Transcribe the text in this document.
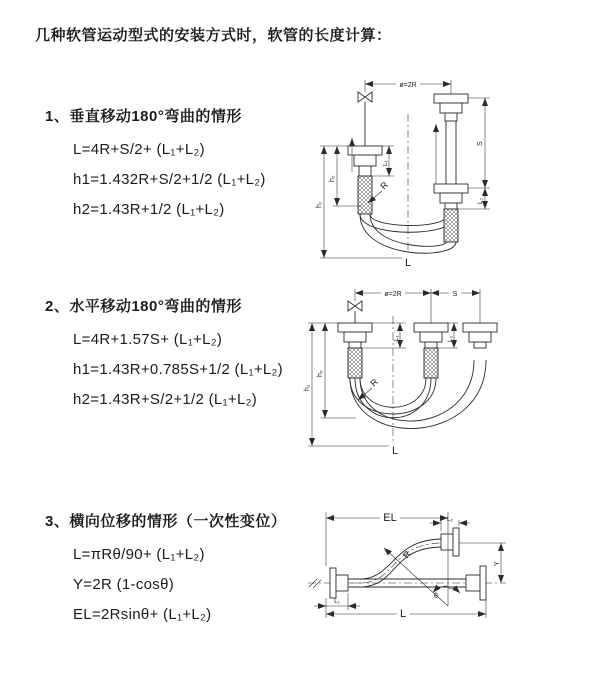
几种软管运动型式的安装方式时，软管的长度计算：

1、垂直移动180°弯曲的情形

L=4R+S/2+ (L₁+L₂)

h1=1.432R+S/2+1/2 (L₁+L₂)

h2=1.43R+1/2 (L₁+L₂)

ø=2R
h₁
h₂
L₁
S
L₂
R
L

2、水平移动180°弯曲的情形

L=4R+1.57S+ (L₁+L₂)

h1=1.43R+0.785S+1/2 (L₁+L₂)

h2=1.43R+S/2+1/2 (L₁+L₂)

ø=2R	S
h₁
h₂
L₁	L₂
R
L

3、横向位移的情形（一次性变位）

L=πRθ/90+ (L₁+L₂)

Y=2R (1-cosθ)

EL=2Rsinθ+ (L₁+L₂)

EL	L₂
Y
R
θ
L₁
L
